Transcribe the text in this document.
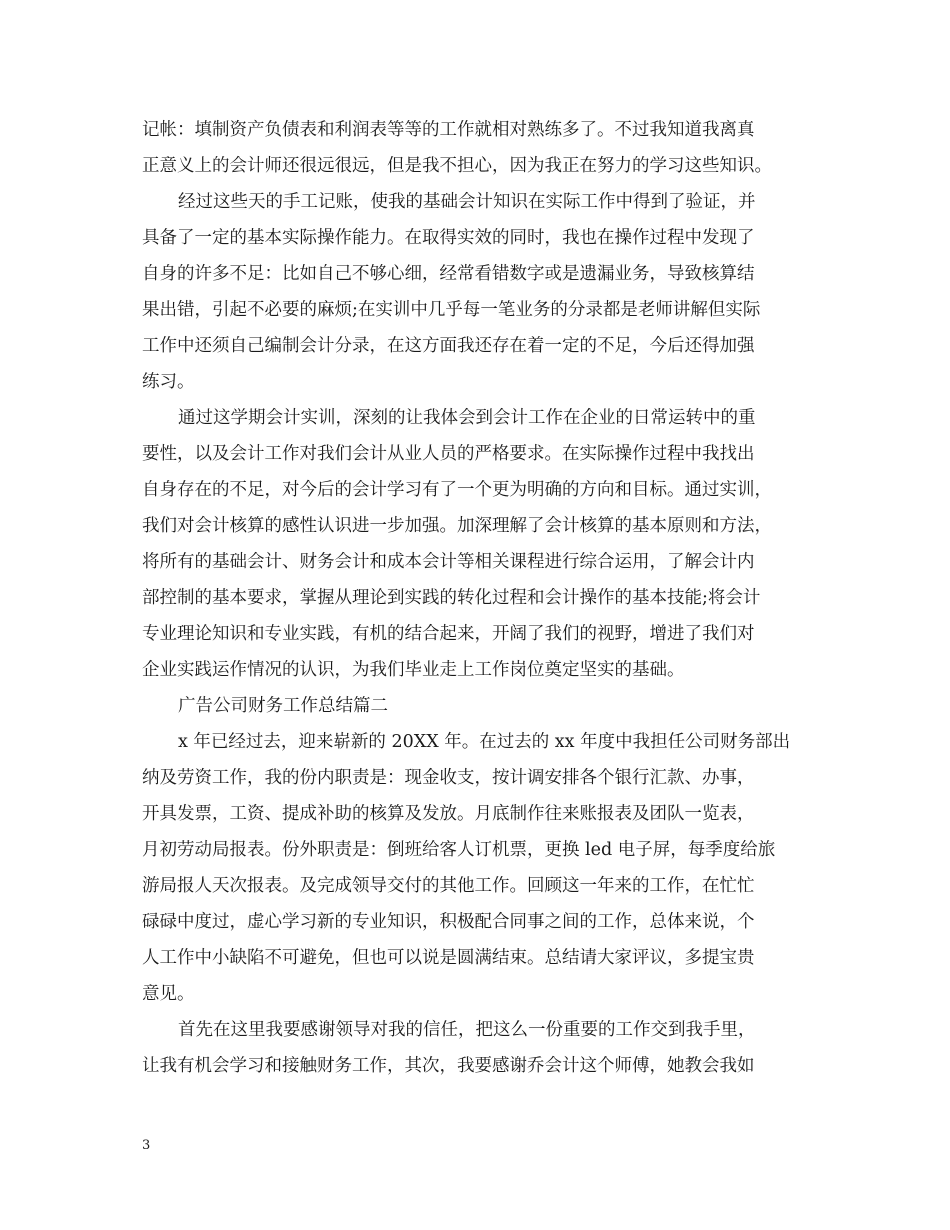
记帐：填制资产负债表和利润表等等的工作就相对熟练多了。不过我知道我离真
正意义上的会计师还很远很远，但是我不担心，因为我正在努力的学习这些知识。
经过这些天的手工记账，使我的基础会计知识在实际工作中得到了验证，并
具备了一定的基本实际操作能力。在取得实效的同时，我也在操作过程中发现了
自身的许多不足：比如自己不够心细，经常看错数字或是遗漏业务，导致核算结
果出错，引起不必要的麻烦;在实训中几乎每一笔业务的分录都是老师讲解但实际
工作中还须自己编制会计分录，在这方面我还存在着一定的不足，今后还得加强
练习。
通过这学期会计实训，深刻的让我体会到会计工作在企业的日常运转中的重
要性，以及会计工作对我们会计从业人员的严格要求。在实际操作过程中我找出
自身存在的不足，对今后的会计学习有了一个更为明确的方向和目标。通过实训，
我们对会计核算的感性认识进一步加强。加深理解了会计核算的基本原则和方法，
将所有的基础会计、财务会计和成本会计等相关课程进行综合运用，了解会计内
部控制的基本要求，掌握从理论到实践的转化过程和会计操作的基本技能;将会计
专业理论知识和专业实践，有机的结合起来，开阔了我们的视野，增进了我们对
企业实践运作情况的认识，为我们毕业走上工作岗位奠定坚实的基础。
广告公司财务工作总结篇二
x 年已经过去，迎来崭新的 20XX 年。在过去的 xx 年度中我担任公司财务部出
纳及劳资工作，我的份内职责是：现金收支，按计调安排各个银行汇款、办事，
开具发票，工资、提成补助的核算及发放。月底制作往来账报表及团队一览表，
月初劳动局报表。份外职责是：倒班给客人订机票，更换 led 电子屏，每季度给旅
游局报人天次报表。及完成领导交付的其他工作。回顾这一年来的工作，在忙忙
碌碌中度过，虚心学习新的专业知识，积极配合同事之间的工作，总体来说，个
人工作中小缺陷不可避免，但也可以说是圆满结束。总结请大家评议，多提宝贵
意见。
首先在这里我要感谢领导对我的信任，把这么一份重要的工作交到我手里，
让我有机会学习和接触财务工作，其次，我要感谢乔会计这个师傅，她教会我如
3
